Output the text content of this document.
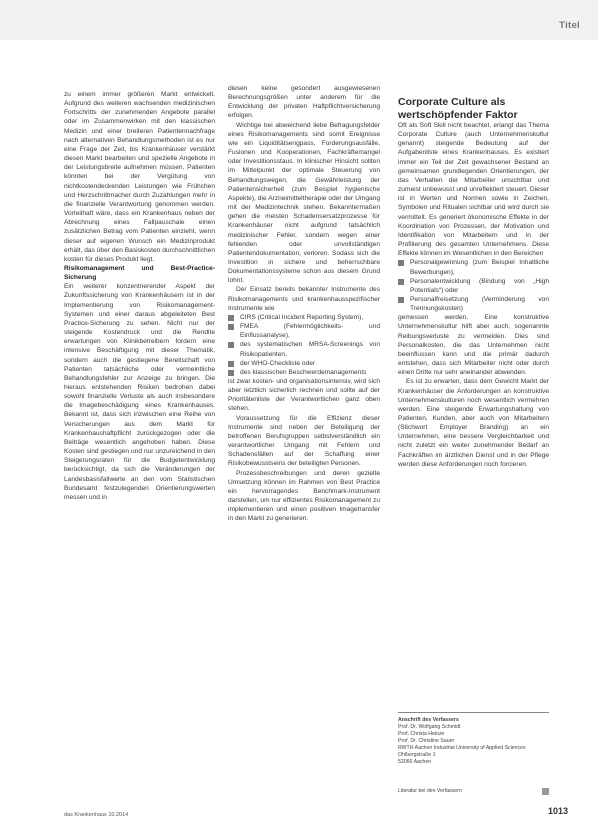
Titel

zu einem immer größeren Markt entwickelt. Aufgrund des weiteren wachsenden medizinischen Fortschritts der zunehmenden Angebote parallel oder im Zusammenwirken mit den klassischen Medizin und einer breiteren Patientennachfrage nach alternativen Behandlungsmethoden ist es nur eine Frage der Zeit, bis Krankenhäuser verstärkt diesen Markt bearbeiten und spezielle Angebote in der Leistungsbreite aufnehmen müssen. Patienten könnten bei der Vergütung von nichtkostendeckenden Leistungen wie Frühchen und Herzschrittmacher durch Zuzahlungen mehr in die finanzielle Verantwortung genommen werden. Vorteilhaft wäre, dass ein Krankenhaus neben der Abrechnung eines Fallpauschale einen zusätzlichen Betrag vom Patienten einzieht, wenn dieser auf eigenen Wunsch ein Medizinprodukt erhält, das über den Basiskosten durchschnittlichen kosten für dieses Produkt liegt.

Risikomanagement und Best-Practice-Sicherung

Ein weiterer konzentrierender Aspekt der Zukunftssicherung von Krankenhäusern ist in der Implementierung von Risikomanagement-Systemen und einer daraus abgeleiteten Best Practice-Sicherung zu sehen. Nicht nur der steigende Kostendruck und die Rendite erwartungen von Klinikbetreibern fordern eine intensive Beschäftigung mit dieser Thematik, sondern auch die gestiegene Bereitschaft von Patienten tatsächliche oder vermeintliche Behandlungsfehler zur Anzeige zu bringen. Die hieraus entstehenden Risiken bedrohen dabei sowohl finanzielle Verluste als auch insbesondere die Imagebeschädigung eines Krankenhauses. Bekannt ist, dass sich inzwischen eine Reihe von Versicherungen aus dem Markt für Krankenhaushaftpflicht zurückgezogen oder die Beiträge wesentlich angehoben haben. Diese Kosten sind gestiegen und nur unzureichend in den Steigerungsraten für die Budgetentwicklung berücksichtigt, da sich die Veränderungen der Landesbasisfallwerte an den vom Statistischen Bundesamt festzulegenden Orientierungswerten messen und in

diesen keine gesondert ausgewiesenen Berechnungsgrößen unter anderem für die Entwicklung der privaten Haftpflichtversicherung erfolgen.

Wichtige bei abweichend liebe Befragungsfelder eines Risikomanagements sind somit Ereignisse wie ein Liquiditätsengpass, Forderungsausfälle, Fusionen und Kooperationen, Fachkräftemangel oder Investitionsstaus. In klinischer Hinsicht sollten im Mittelpunkt der optimale Steuerung von Behandlungswegen, die Gewährleistung der Patientensicherheit (zum Beispiel hygienische Aspekte), die Arzneimitteltherapie oder der Umgang mit der Medizintechnik stehen. Bekanntermaßen gehen die meisten Schadensersatzprozesse für Krankenhäuser nicht aufgrund tatsächlich medizinischer Fehler, sondern wegen einer fehlenden oder unvollständigen Patientendokumentation, verloren. Sodass sich die Investition in sichere und beherrschbare Dokumentationssysteme schon aus diesem Grund lohnt.

Der Einsatz bereits bekannter Instrumente des Risikomanagements und krankenhausspezifischer Instrumente wie

CIRS (Critical Incident Reporting System),
FMEA (Fehlermöglichkeits- und Einflussanalyse),
des systematischen MRSA-Screenings von Risikopatienten,
der WHO-Checkliste oder
des klassischen Beschwerdemanagements

ist zwar kosten- und organisationsintensiv, wird sich aber letztlich sicherlich rechnen und sollte auf der Prioritätenliste der Verantwortlichen ganz oben stehen.

Voraussetzung für die Effizienz dieser Instrumente sind neben der Beteiligung der betroffenen Berufsgruppen selbstverständlich ein verantwortlicher Umgang mit Fehlern und Schadensfällen auf der Schaffung einer Risikobewusstseins der beteiligten Personen.

Prozessbeschreibungen und deren gezielte Umsetzung können im Rahmen von Best Practice ein hervorragendes Benchmark-Instrument darstellen, um nur effizientes Risikomanagement zu implementieren und einen positiven Imagetransfer in den Markt zu generieren.

Corporate Culture als wertschöpfender Faktor

Oft als Soft Skill nicht beachtet, erlangt das Thema Corporate Culture (auch Unternehmenskultur genannt) steigende Bedeutung auf der Aufgabenliste eines Krankenhauses. Es existiert immer ein Teil der Zeit gewachsener Bestand an gemeinsamen grundlegenden Orientierungen, der das Verhalten der Mitarbeiter unsichtbar und zumeist unbewusst und unreflektiert steuert. Dieser ist in Werten und Normen sowie in Zeichen, Symbolen und Ritualen sichtbar und wird durch sie vermittelt. Es generiert ökonomische Effekte in der Koordination von Prozessen, der Motivation und Identifikation von Mitarbeitern und in der Profilierung des gesamten Unternehmens. Diese Effekte können im Wesentlichen in den Bereichen

Personalgewinnung (zum Beispiel Inhaltliche Bewerbungen),
Personalentwicklung (Bindung von „High Potentials“) oder
Personalfreisetzung (Verminderung von Trennungskosten)

gemessen werden. Eine konstruktive Unternehmenskultur hilft aber auch, sogenannte Reibungsverluste zu vermeiden. Dies sind Personalkosten, die das Unternehmen nicht beeinflussen kann und die primär dadurch entstehen, dass sich Mitarbeiter nicht oder durch einen Dritte nur sehr aneinander abwenden.

Es ist zu erwarten, dass dem Gewicht Markt der Krankenhäuser die Anforderungen an konstruktive Unternehmenskulturen noch wesentlich vermehren werden. Eine steigende Erwartungshaltung von Patienten, Kunden, aber auch von Mitarbeitern (Stichwort Employer Branding) an ein Unternehmen, eine bessere Vergleichbarkeit und nicht zuletzt ein weiter zunehmender Bedarf an Fachkräften im ärztlichen Dienst und in der Pflege werden diese Anforderungen noch forcieren.

Anschrift des Verfassers
Prof. Dr. Wolfgang Schmidt
Prof. Christa Heinze
Prof. Dr. Christine Sauer
RWTH Aachen Industrial University of Applied Sciences
Ohlbergstraße 1
52066 Aachen
Literatur bei den Verfassern
das Krankenhaus 10.2014	1013
